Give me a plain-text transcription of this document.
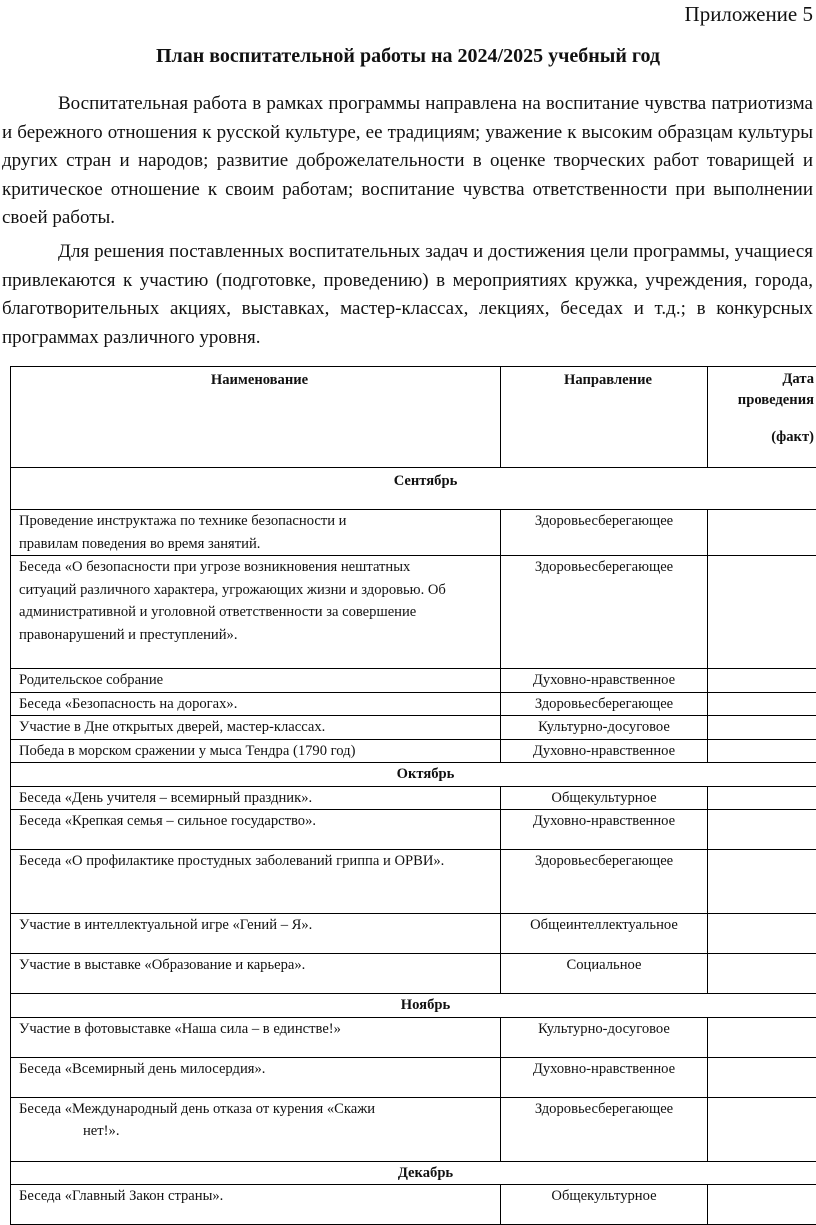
Приложение 5
План воспитательной работы на 2024/2025 учебный год

Воспитательная работа в рамках программы направлена на воспитание чувства патриотизма и бережного отношения к русской культуре, ее традициям; уважение к высоким образцам культуры других стран и народов; развитие доброжелательности в оценке творческих работ товарищей и критическое отношение к своим работам; воспитание чувства ответственности при выполнении своей работы.

Для решения поставленных воспитательных задач и достижения цели программы, учащиеся привлекаются к участию (подготовке, проведению) в мероприятиях кружка, учреждения, города, благотворительных акциях, выставках, мастер-классах, лекциях, беседах и т.д.; в конкурсных программах различного уровня.

Наименование	Направление	Дата
проведения
(факт)

Сентябрь		

Проведение инструктажа по технике безопасности и
правилам поведения во время занятий.	Здоровьесберегающее	
Беседа «О безопасности при угрозе возникновения нештатных ситуаций различного характера, угрожающих жизни и здоровью. Об административной и уголовной ответственности за совершение правонарушений и преступлений».	Здоровьесберегающее	
Родительское собрание	Духовно-нравственное	
Беседа «Безопасность на дорогах».	Здоровьесберегающее	
Участие в Дне открытых дверей, мастер-классах.	Культурно-досуговое	
Победа в морском сражении у мыса Тендра (1790 год)	Духовно-нравственное	
Октябрь		
Беседа «День учителя – всемирный праздник».	Общекультурное	
Беседа «Крепкая семья – сильное государство».	Духовно-нравственное	
Беседа «О профилактике простудных заболеваний гриппа и ОРВИ».	Здоровьесберегающее	
Участие в интеллектуальной игре «Гений – Я».	Общеинтеллектуальное	
Участие в выставке «Образование и карьера».	Социальное	
Ноябрь		
Участие в фотовыставке «Наша сила – в единстве!»	Культурно-досуговое	
Беседа «Всемирный день милосердия».	Духовно-нравственное	

Беседа «Международный день отказа от курения «Скажи
нет!».	Здоровьесберегающее	
Декабрь		
Беседа «Главный Закон страны».	Общекультурное	
